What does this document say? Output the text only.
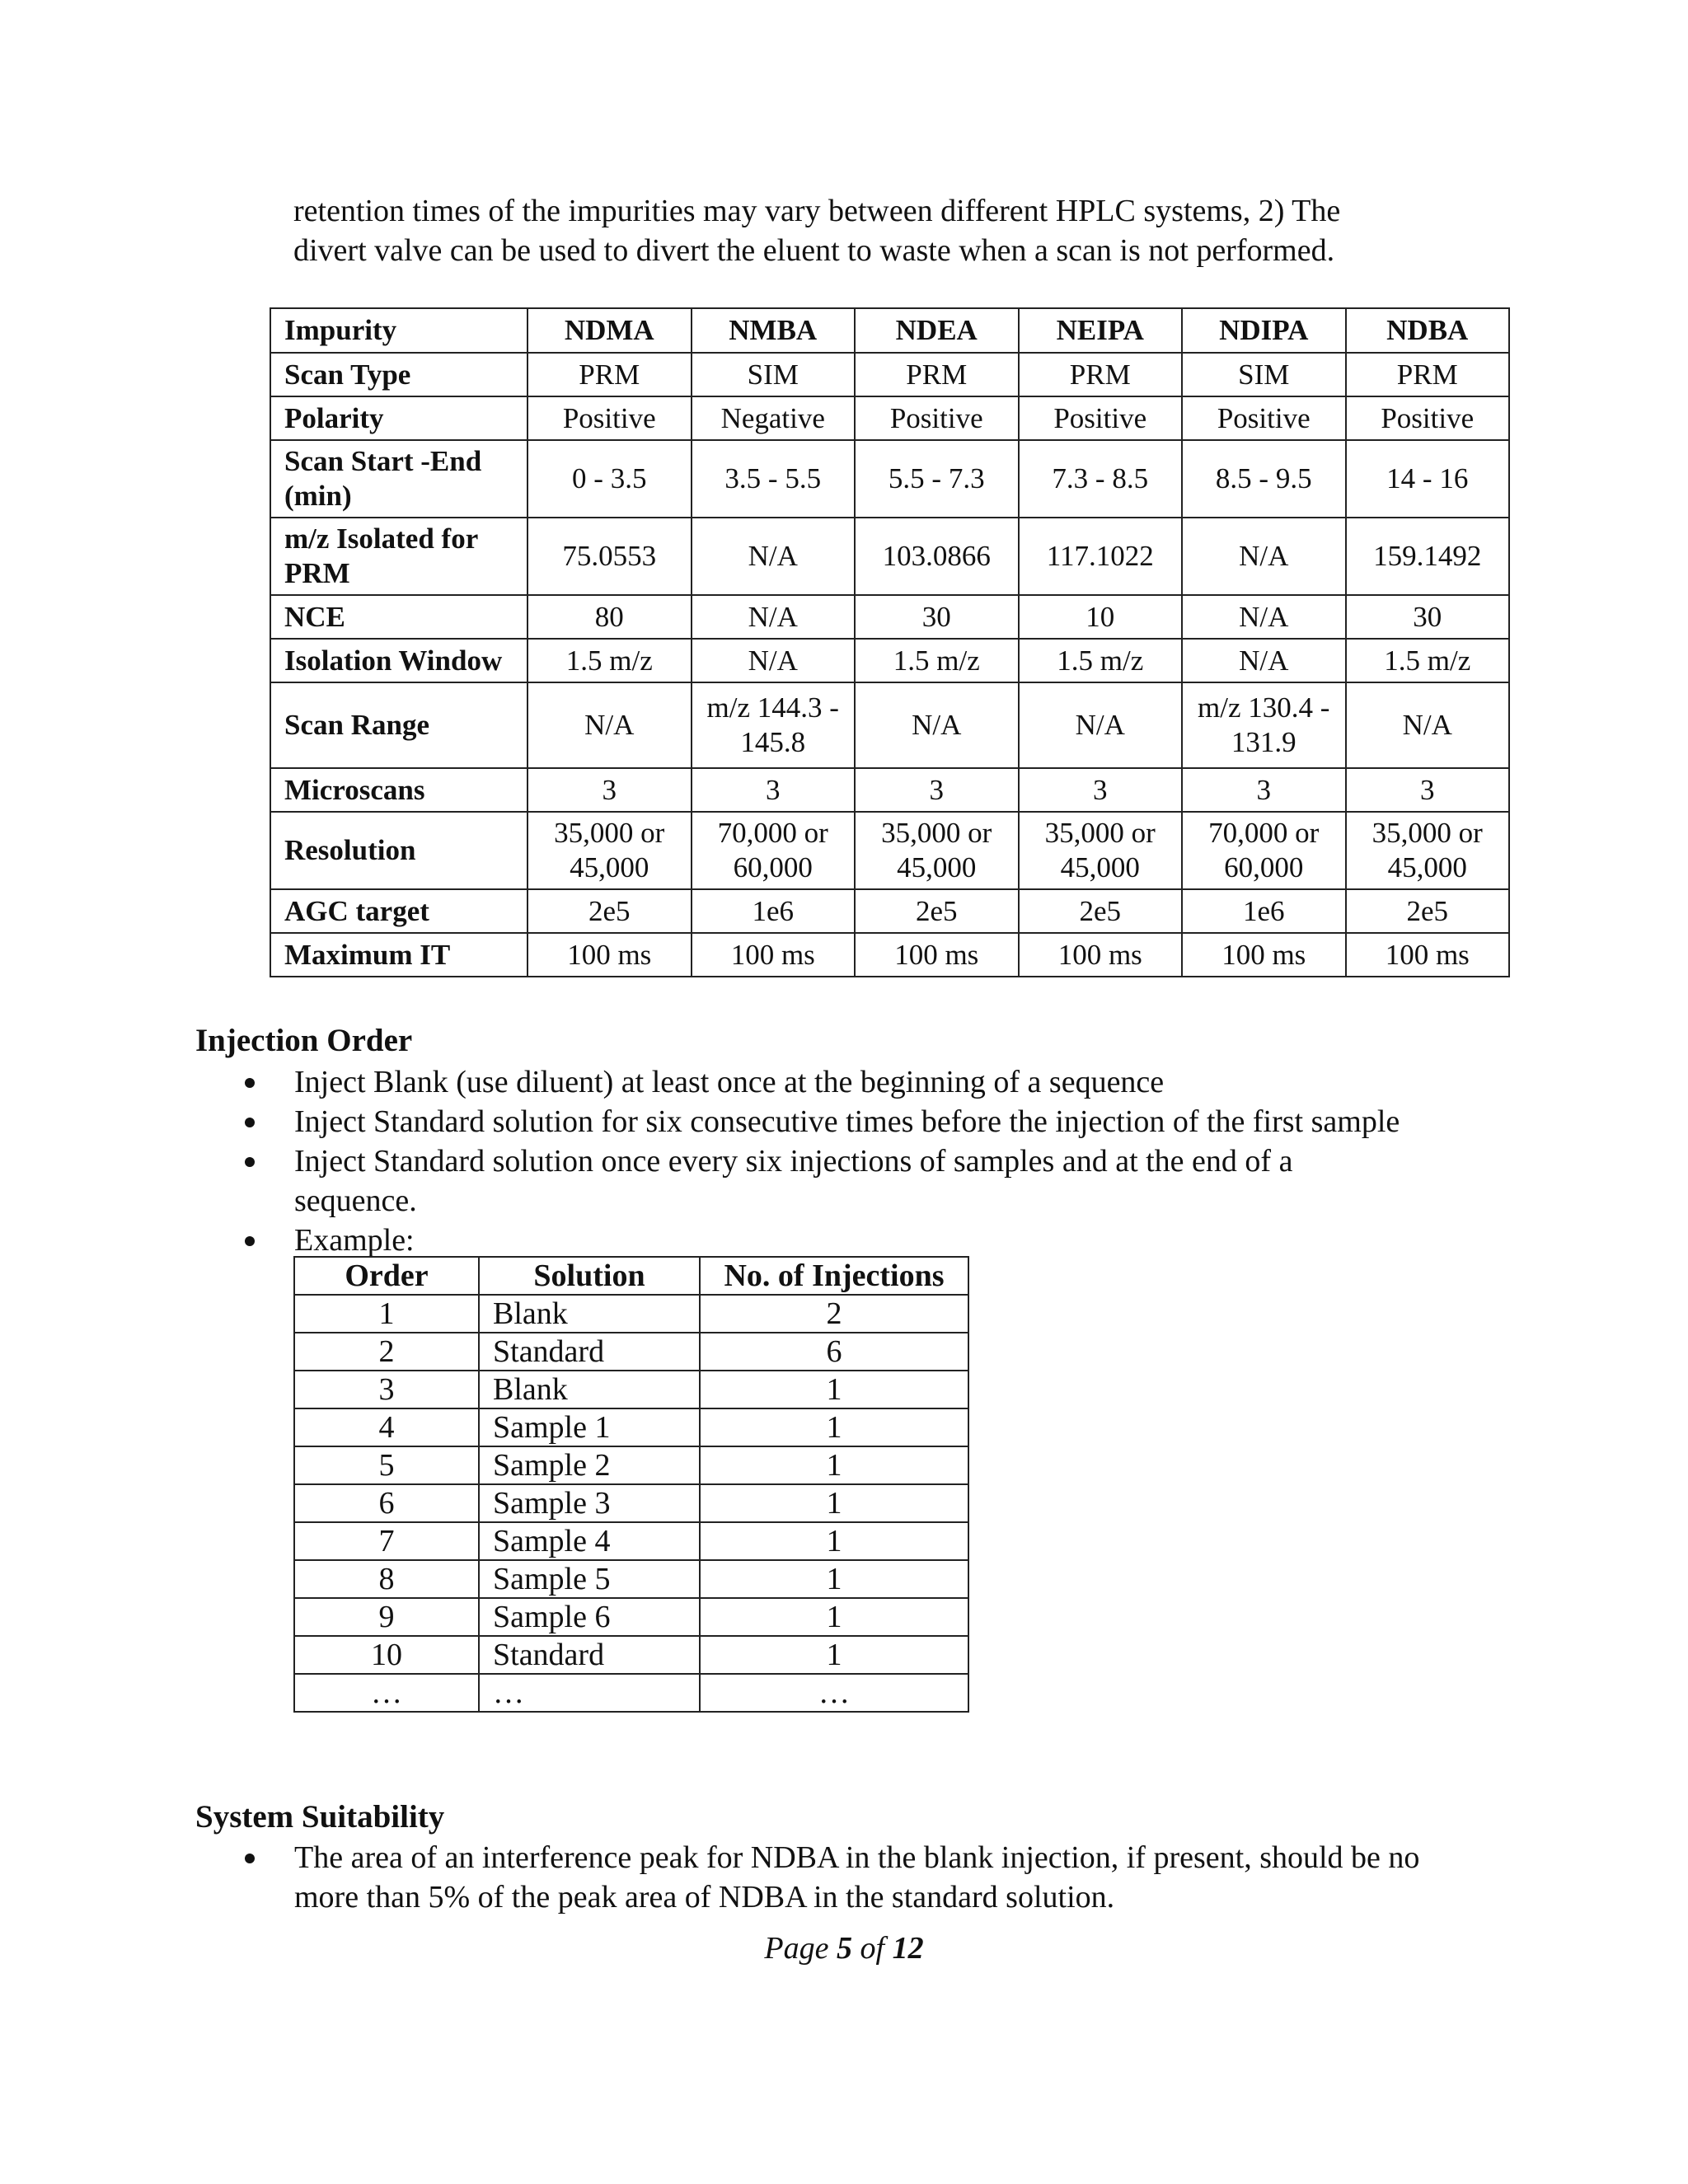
retention times of the impurities may vary between different HPLC systems, 2) The
divert valve can be used to divert the eluent to waste when a scan is not performed.
Impurity	NDMA	NMBA	NDEA	NEIPA	NDIPA	NDBA
Scan Type	PRM	SIM	PRM	PRM	SIM	PRM
Polarity	Positive	Negative	Positive	Positive	Positive	Positive
Scan Start -End (min)	0 - 3.5	3.5 - 5.5	5.5 - 7.3	7.3 - 8.5	8.5 - 9.5	14 - 16
m/z Isolated for PRM	75.0553	N/A	103.0866	117.1022	N/A	159.1492
NCE	80	N/A	30	10	N/A	30
Isolation Window	1.5 m/z	N/A	1.5 m/z	1.5 m/z	N/A	1.5 m/z
Scan Range	N/A	m/z 144.3 - 145.8	N/A	N/A	m/z 130.4 - 131.9	N/A
Microscans	3	3	3	3	3	3
Resolution	35,000 or 45,000	70,000 or 60,000	35,000 or 45,000	35,000 or 45,000	70,000 or 60,000	35,000 or 45,000
AGC target	2e5	1e6	2e5	2e5	1e6	2e5
Maximum IT	100 ms	100 ms	100 ms	100 ms	100 ms	100 ms
Injection Order
Inject Blank (use diluent) at least once at the beginning of a sequence
Inject Standard solution for six consecutive times before the injection of the first sample
Inject Standard solution once every six injections of samples and at the end of a
sequence.
Example:
Order	Solution	No. of Injections
1	Blank	2
2	Standard	6
3	Blank	1
4	Sample 1	1
5	Sample 2	1
6	Sample 3	1
7	Sample 4	1
8	Sample 5	1
9	Sample 6	1
10	Standard	1
…	…	…
System Suitability
The area of an interference peak for NDBA in the blank injection, if present, should be no
more than 5% of the peak area of NDBA in the standard solution.
Page 5 of 12
